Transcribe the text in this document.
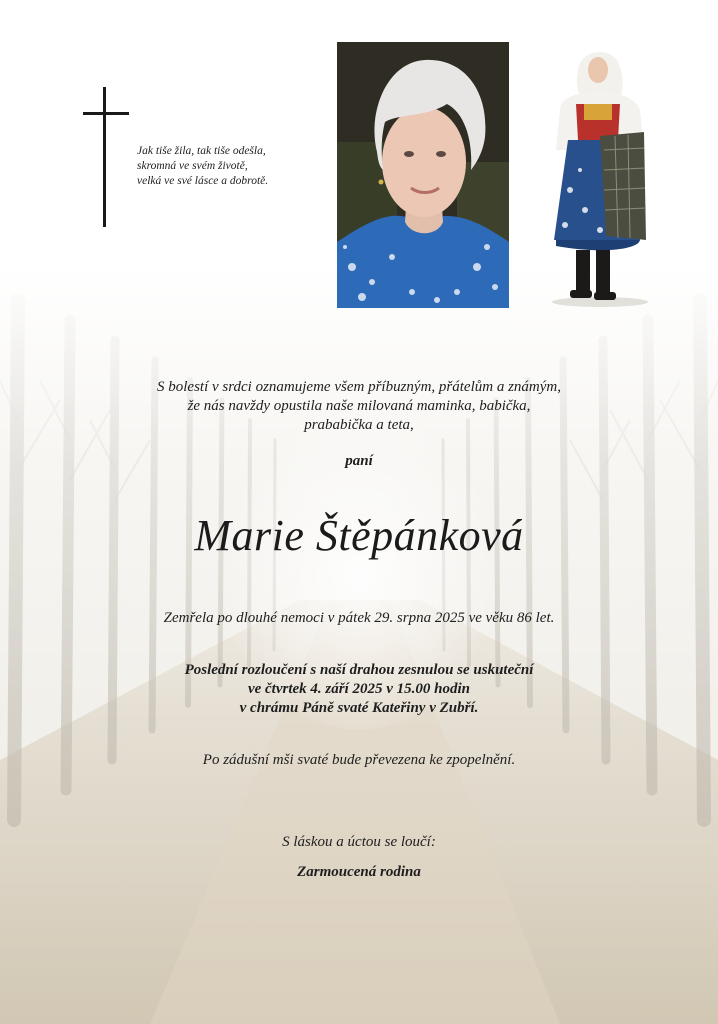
Jak tiše žila, tak tiše odešla,
skromná ve svém životě,
velká ve své lásce a dobrotě.
S bolestí v srdci oznamujeme všem příbuzným, přátelům a známým,
že nás navždy opustila naše milovaná maminka, babička,
prababička a teta,
paní
Marie Štěpánková
Zemřela po dlouhé nemoci v pátek 29. srpna 2025 ve věku 86 let.
Poslední rozloučení s naší drahou zesnulou se uskuteční
ve čtvrtek 4. září 2025 v 15.00 hodin
v chrámu Páně svaté Kateřiny v Zubří.
Po zádušní mši svaté bude převezena ke zpopelnění.
S láskou a úctou se loučí:
Zarmoucená rodina
